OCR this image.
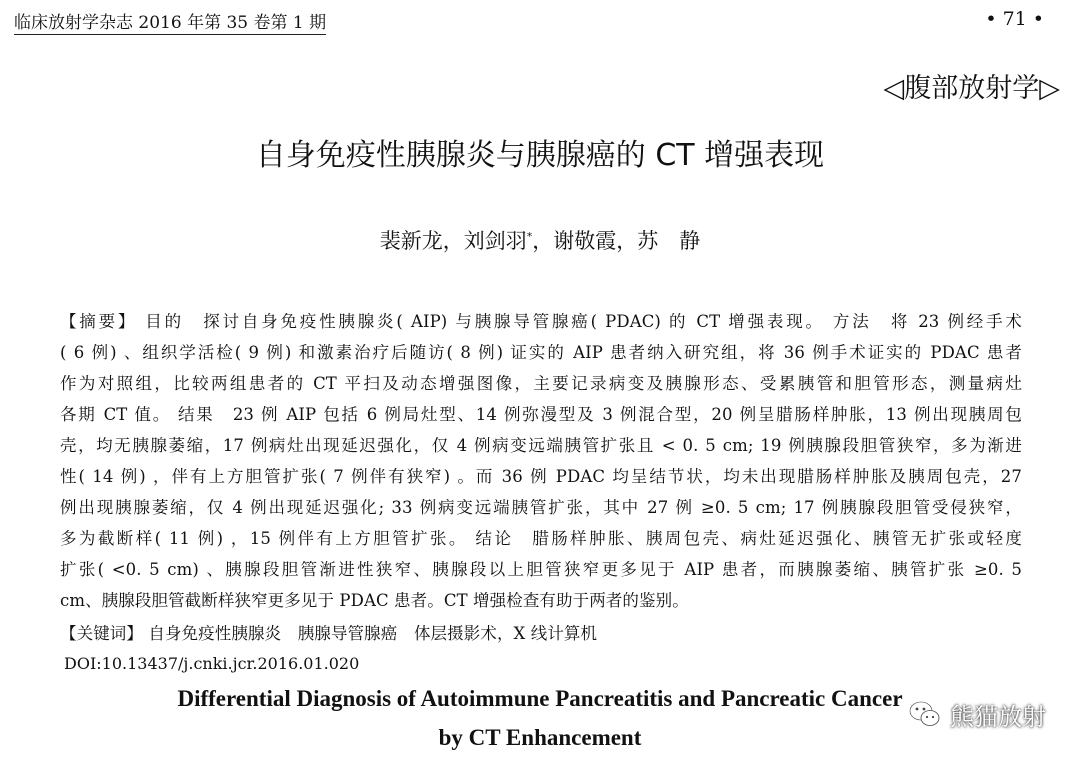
临床放射学杂志 2016 年第 35 卷第 1 期	• 71 •
◁腹部放射学▷
自身免疫性胰腺炎与胰腺癌的 CT 增强表现
裴新龙，刘剑羽*，谢敬霞，苏　静
【摘要】 目的　探讨自身免疫性胰腺炎( AIP) 与胰腺导管腺癌( PDAC) 的 CT 增强表现。 方法　将 23 例经手术
( 6 例) 、组织学活检( 9 例) 和激素治疗后随访( 8 例) 证实的 AIP 患者纳入研究组，将 36 例手术证实的 PDAC 患者
作为对照组，比较两组患者的 CT 平扫及动态增强图像，主要记录病变及胰腺形态、受累胰管和胆管形态，测量病灶
各期 CT 值。 结果　23 例 AIP 包括 6 例局灶型、14 例弥漫型及 3 例混合型，20 例呈腊肠样肿胀，13 例出现胰周包
壳，均无胰腺萎缩，17 例病灶出现延迟强化，仅 4 例病变远端胰管扩张且 < 0. 5 cm; 19 例胰腺段胆管狭窄，多为渐进
性( 14 例) ，伴有上方胆管扩张( 7 例伴有狭窄) 。而 36 例 PDAC 均呈结节状，均未出现腊肠样肿胀及胰周包壳，27
例出现胰腺萎缩，仅 4 例出现延迟强化; 33 例病变远端胰管扩张，其中 27 例 ≥0. 5 cm; 17 例胰腺段胆管受侵狭窄，
多为截断样( 11 例) ，15 例伴有上方胆管扩张。 结论　腊肠样肿胀、胰周包壳、病灶延迟强化、胰管无扩张或轻度
扩张( <0. 5 cm) 、胰腺段胆管渐进性狭窄、胰腺段以上胆管狭窄更多见于 AIP 患者，而胰腺萎缩、胰管扩张 ≥0. 5
cm、胰腺段胆管截断样狭窄更多见于 PDAC 患者。CT 增强检查有助于两者的鉴别。
【关键词】 自身免疫性胰腺炎　胰腺导管腺癌　体层摄影术，X 线计算机
DOI:10.13437/j.cnki.jcr.2016.01.020
Differential Diagnosis of Autoimmune Pancreatitis and Pancreatic Cancer
by CT Enhancement
熊猫放射
